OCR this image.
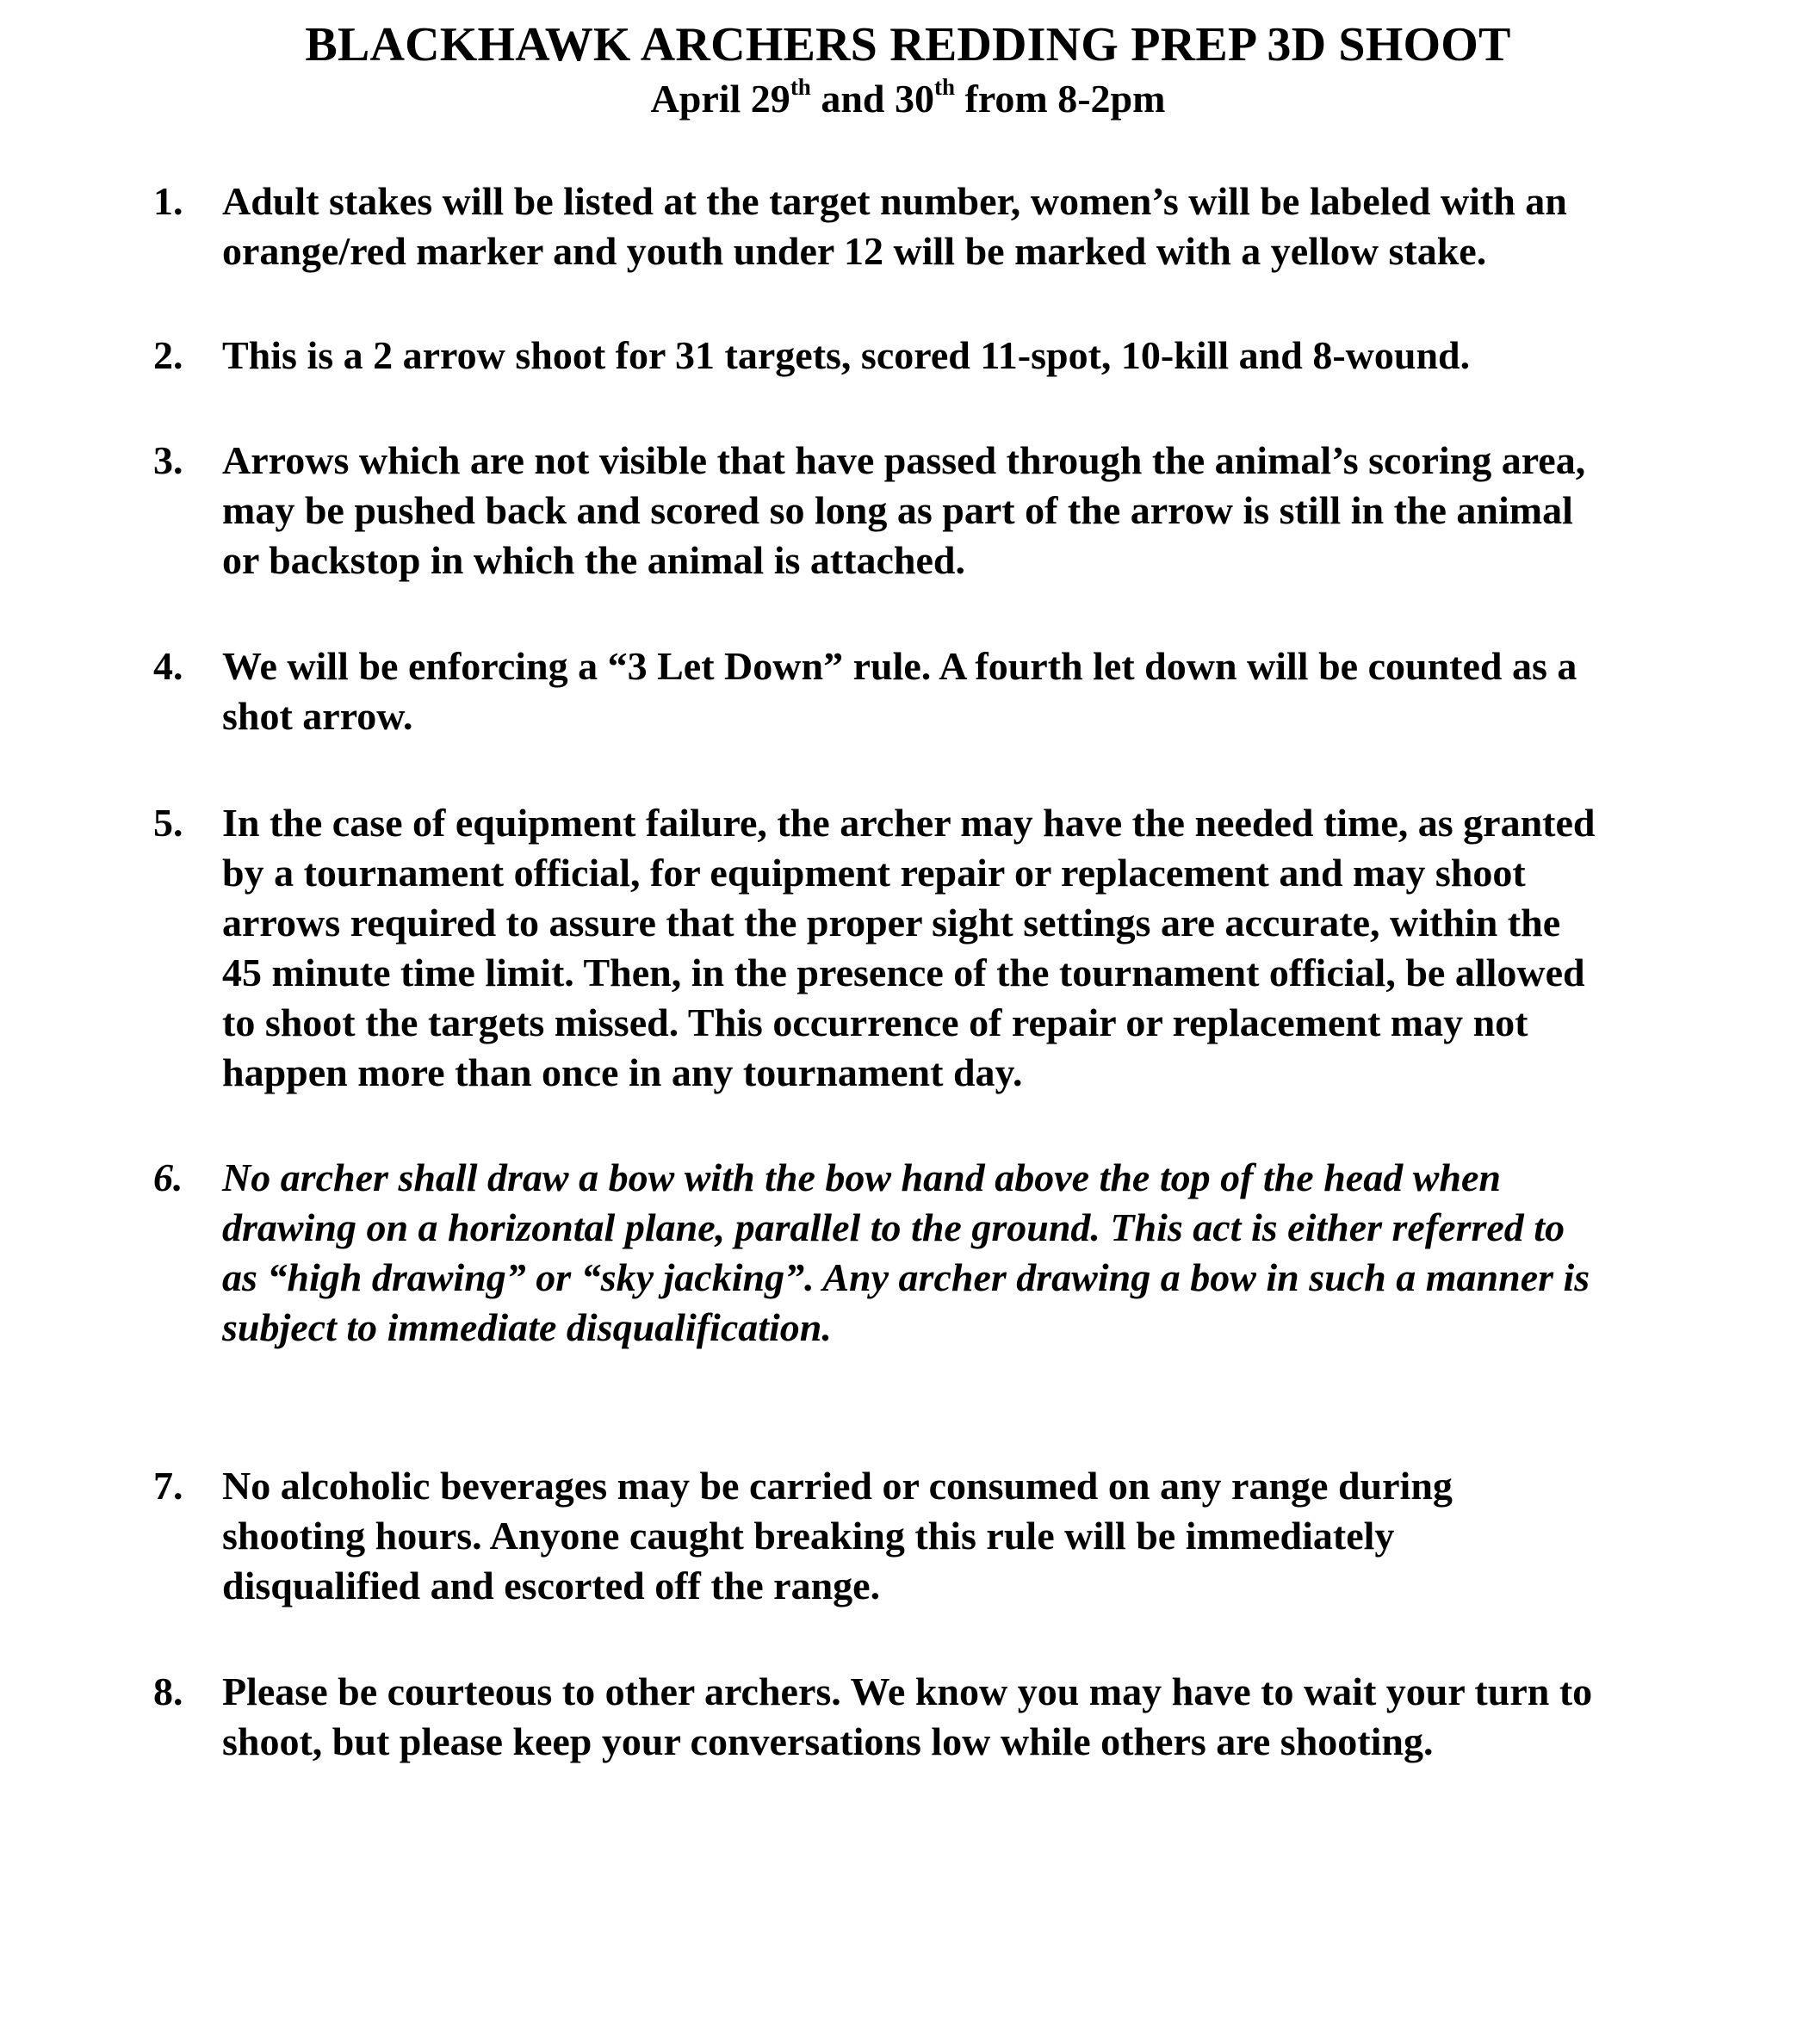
BLACKHAWK ARCHERS REDDING PREP 3D SHOOT

April 29th and 30th from 8-2pm

1. Adult stakes will be listed at the target number, women’s will be labeled with an
orange/red marker and youth under 12 will be marked with a yellow stake.
2. This is a 2 arrow shoot for 31 targets, scored 11-spot, 10-kill and 8-wound.
3. Arrows which are not visible that have passed through the animal’s scoring area,
may be pushed back and scored so long as part of the arrow is still in the animal
or backstop in which the animal is attached.
4. We will be enforcing a “3 Let Down” rule. A fourth let down will be counted as a
shot arrow.
5. In the case of equipment failure, the archer may have the needed time, as granted
by a tournament official, for equipment repair or replacement and may shoot
arrows required to assure that the proper sight settings are accurate, within the
45 minute time limit. Then, in the presence of the tournament official, be allowed
to shoot the targets missed. This occurrence of repair or replacement may not
happen more than once in any tournament day.
6. No archer shall draw a bow with the bow hand above the top of the head when
drawing on a horizontal plane, parallel to the ground. This act is either referred to
as “high drawing” or “sky jacking”. Any archer drawing a bow in such a manner is
subject to immediate disqualification.
7. No alcoholic beverages may be carried or consumed on any range during
shooting hours. Anyone caught breaking this rule will be immediately
disqualified and escorted off the range.
8. Please be courteous to other archers. We know you may have to wait your turn to
shoot, but please keep your conversations low while others are shooting.
